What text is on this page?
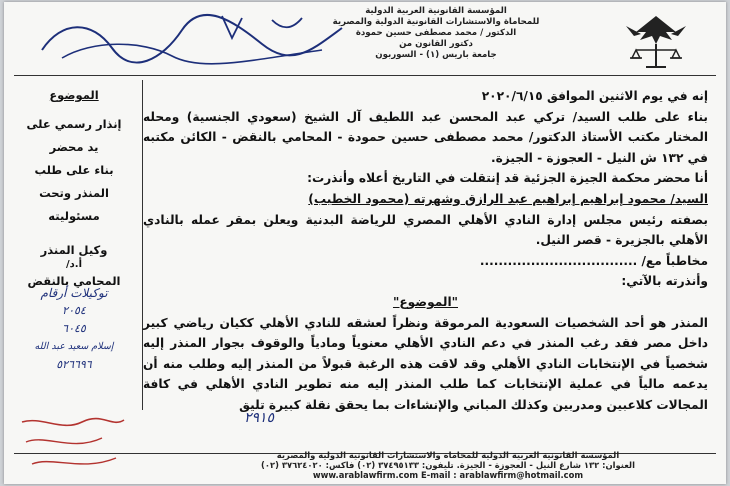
المؤسسة القانونية العربية الدولية
للمحاماة والاستشارات القانونية الدولية والمصرية
الدكتور / محمد مصطفى حسين حمودة
دكتور القانون من
جامعة باريس (١) - السوربون
الموضوع
إنذار رسمي على
يد محضر
بناء على طلب
المنذر وتحت
مسئوليته
وكيل المنذر
أ.د/
المحامي بالنقض
توكيلات أرقام
٢٠٥٤
٦٠٤٥
إسلام سعيد عبد الله
٥٢٦٦٩٦

إنه في يوم الاثنين الموافق ٢٠٢٠/٦/١٥

بناء على طلب السيد/ تركي عبد المحسن عبد اللطيف آل الشيخ (سعودي الجنسية) ومحله المختار مكتب الأستاذ الدكتور/ محمد مصطفى حسين حمودة - المحامي بالنقض - الكائن مكتبه في ١٣٢ ش النيل - العجوزة - الجيزة.

أنا محضر محكمة الجيزة الجزئية قد إنتقلت في التاريخ أعلاه وأنذرت:

السيد/ محمود إبراهيم إبراهيم عبد الرازق وشهرته (محمود الخطيب)

بصفته رئيس مجلس إدارة النادي الأهلي المصري للرياضة البدنية ويعلن بمقر عمله بالنادي الأهلي بالجزيرة - قصر النيل.

مخاطباً مع/ ..................................

وأنذرته بالآتي:

"الموضوع"

المنذر هو أحد الشخصيات السعودية المرموقة ونظراً لعشقه للنادي الأهلي ككيان رياضي كبير داخل مصر فقد رغب المنذر في دعم النادي الأهلي معنوياً ومادياً والوقوف بجوار المنذر إليه شخصياً في الإنتخابات النادي الأهلي وقد لاقت هذه الرغبة قبولاً من المنذر إليه وطلب منه أن يدعمه مالياً في عملية الإنتخابات كما طلب المنذر إليه منه تطوير النادي الأهلي في كافة المجالات كلاعبين ومدربين وكذلك المباني والإنشاءات بما يحقق نقلة كبيرة تليق

٢٩١٥
المؤسسة القانونية العربية الدولية للمحاماة والاستشارات القانونية الدولية والمصرية
العنوان: ١٣٢ شارع النيل - العجوزة - الجيزة. تليفون: ٣٧٤٩٥١٣٣ (٠٢) فاكس: ٣٧٦٢٤٠٢٠ (٠٢)
www.arablawfirm.com E-mail : arablawfirm@hotmail.com
